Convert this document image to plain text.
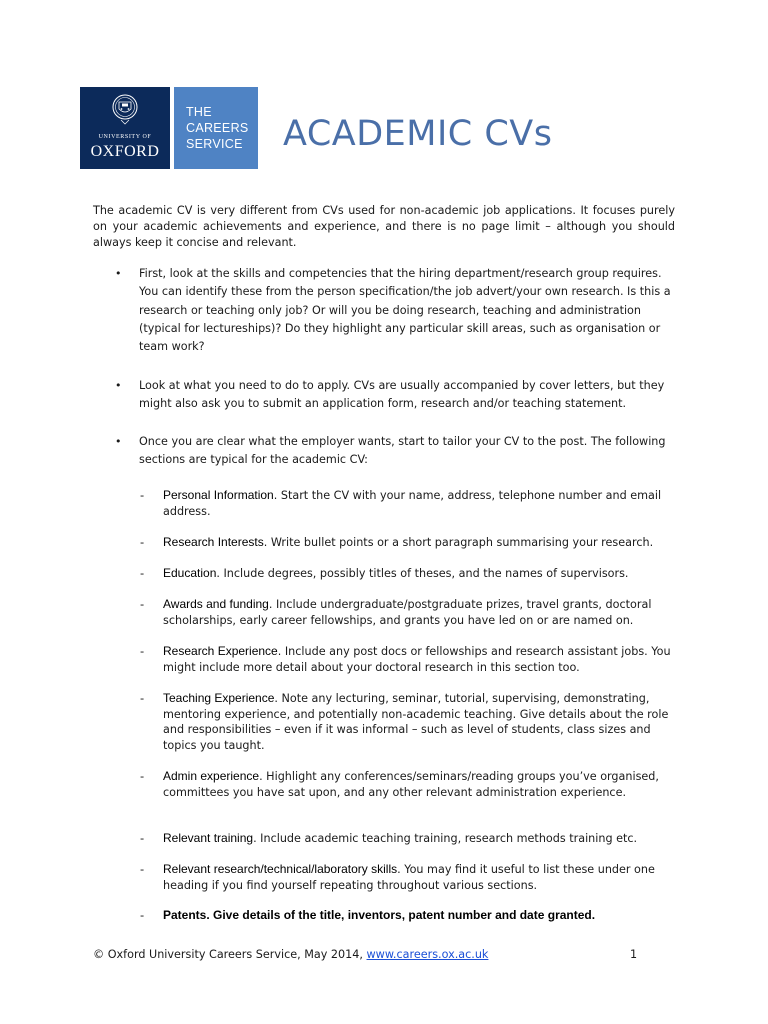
UNIVERSITY OF
OXFORD
THE
CAREERS
SERVICE ACADEMIC CVs

The academic CV is very different from CVs used for non-academic job applications. It focuses purely on your academic achievements and experience, and there is no page limit – although you should always keep it concise and relevant.

• First, look at the skills and competencies that the hiring department/research group requires. You can identify these from the person specification/the job advert/your own research. Is this a research or teaching only job? Or will you be doing research, teaching and administration (typical for lectureships)? Do they highlight any particular skill areas, such as organisation or team work?

• Look at what you need to do to apply. CVs are usually accompanied by cover letters, but they might also ask you to submit an application form, research and/or teaching statement.

• Once you are clear what the employer wants, start to tailor your CV to the post. The following sections are typical for the academic CV:

- Personal Information. Start the CV with your name, address, telephone number and email address.

- Research Interests. Write bullet points or a short paragraph summarising your research.

- Education. Include degrees, possibly titles of theses, and the names of supervisors.

- Awards and funding. Include undergraduate/postgraduate prizes, travel grants, doctoral scholarships, early career fellowships, and grants you have led on or are named on.

- Research Experience. Include any post docs or fellowships and research assistant jobs. You might include more detail about your doctoral research in this section too.

- Teaching Experience. Note any lecturing, seminar, tutorial, supervising, demonstrating, mentoring experience, and potentially non-academic teaching. Give details about the role and responsibilities – even if it was informal – such as level of students, class sizes and topics you taught.

- Admin experience. Highlight any conferences/seminars/reading groups you’ve organised, committees you have sat upon, and any other relevant administration experience.

- Relevant training. Include academic teaching training, research methods training etc.

- Relevant research/technical/laboratory skills. You may find it useful to list these under one heading if you find yourself repeating throughout various sections.

- Patents. Give details of the title, inventors, patent number and date granted.

© Oxford University Careers Service, May 2014, www.careers.ox.ac.uk	1
